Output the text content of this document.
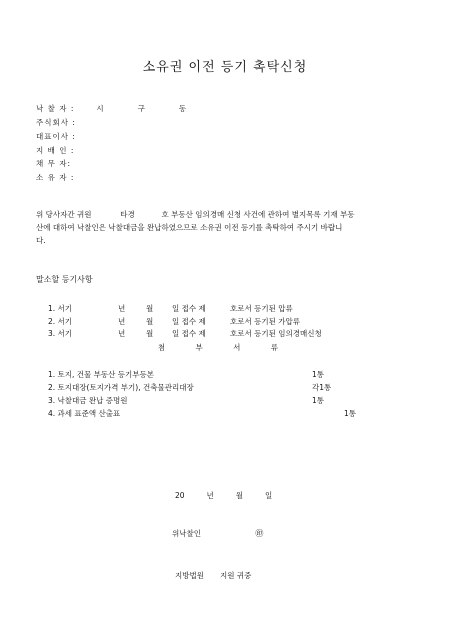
소유권 이전 등기 촉탁신청
낙 찰 자 :	시	구	동
주식회사 :
대표이사 :
지 배 인 :
채 무 자:
소 유 자 :
위 당사자간 귀원	타경	호 부동산 임의경매 신청 사건에 관하여 별지목록 기재 부동
산에 대하여 낙찰인은 낙찰대금을 완납하였으므로 소유권 이전 등기를 촉탁하여 주시기 바랍니
다.
말소할 등기사항
1. 서기	년	월	일 접수 제	호로서 등기된 압류
2. 서기	년	월	일 접수 제	호로서 등기된 가압류
3. 서기	년	월	일 접수 제	호로서 등기된 임의경매신청
첨 부 서 류
1. 토지, 건물 부동산 등기부등본	1통
2. 토지대장(토지가격 부기), 건축물관리대장	각1통
3. 낙찰대금 완납 증명원	1통
4. 과세 표준액 산출표	1통
20	년	월	일
위낙찰인	㊞
지방법원 지원 귀중
